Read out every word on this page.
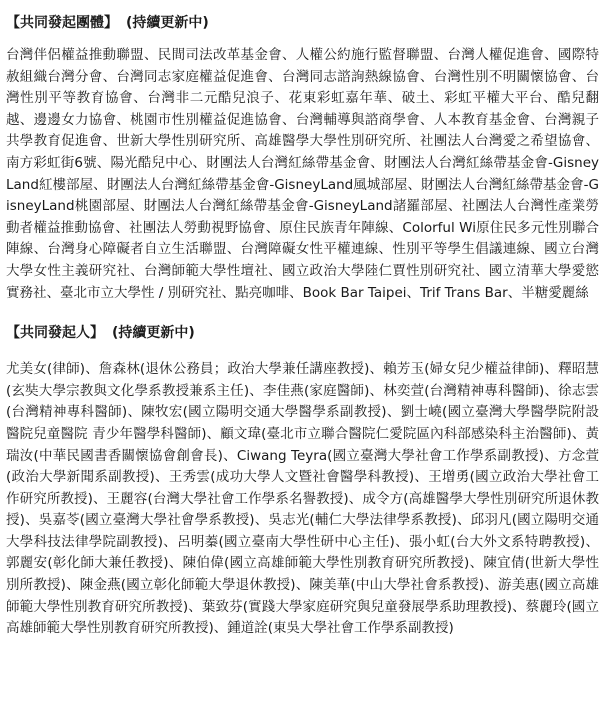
【共同發起團體】 (持續更新中)

台灣伴侶權益推動聯盟、民間司法改革基金會、人權公約施行監督聯盟、台灣人權促進會、國際特赦組織台灣分會、台灣同志家庭權益促進會、台灣同志諮詢熱線協會、台灣性別不明關懷協會、台灣性別平等教育協會、台灣非二元酷兒浪子、花東彩虹嘉年華、破土、彩虹平權大平台、酷兒翻越、邊邊女力協會、桃園市性別權益促進協會、台灣輔導與諮商學會、人本教育基金會、台灣親子共學教育促進會、世新大學性別研究所、高雄醫學大學性別研究所、社團法人台灣愛之希望協會、南方彩虹街6號、陽光酷兒中心、財團法人台灣紅絲帶基金會、財團法人台灣紅絲帶基金會-GisneyLand紅樓部屋、財團法人台灣紅絲帶基金會-GisneyLand風城部屋、財團法人台灣紅絲帶基金會-GisneyLand桃園部屋、財團法人台灣紅絲帶基金會-GisneyLand諸羅部屋、社團法人台灣性產業勞動者權益推動協會、社團法人勞動視野協會、原住民族青年陣線、Colorful Wi原住民多元性別聯合陣線、台灣身心障礙者自立生活聯盟、台灣障礙女性平權連線、性別平等學生倡議連線、國立台灣大學女性主義研究社、台灣師範大學性壇社、國立政治大學陸仁賈性別研究社、國立清華大學愛慾實務社、臺北市立大學性 / 別研究社、點亮咖啡、Book Bar Taipei、Trif Trans Bar、半糖愛麗絲

【共同發起人】 (持續更新中)

尤美女(律師)、詹森林(退休公務員；政治大學兼任講座教授)、賴芳玉(婦女兒少權益律師)、釋昭慧(玄奘大學宗教與文化學系教授兼系主任)、李佳燕(家庭醫師)、林奕萱(台灣精神專科醫師)、徐志雲(台灣精神專科醫師)、陳牧宏(國立陽明交通大學醫學系副教授)、劉士嶢(國立臺灣大學醫學院附設醫院兒童醫院 青少年醫學科醫師)、顧文瑋(臺北市立聯合醫院仁愛院區內科部感染科主治醫師)、黃瑞汝(中華民國書香關懷協會創會長)、Ciwang Teyra(國立臺灣大學社會工作學系副教授)、方念萱(政治大學新聞系副教授)、王秀雲(成功大學人文暨社會醫學科教授)、王增勇(國立政治大學社會工作研究所教授)、王麗容(台灣大學社會工作學系名譽教授)、成令方(高雄醫學大學性別研究所退休教授)、吳嘉苓(國立臺灣大學社會學系教授)、吳志光(輔仁大學法律學系教授)、邱羽凡(國立陽明交通大學科技法律學院副教授)、呂明蓁(國立臺南大學性研中心主任)、張小虹(台大外文系特聘教授)、郭麗安(彰化師大兼任教授)、陳伯偉(國立高雄師範大學性別教育研究所教授)、陳宜倩(世新大學性別所教授)、陳金燕(國立彰化師範大學退休教授)、陳美華(中山大學社會系教授)、游美惠(國立高雄師範大學性別教育研究所教授)、葉致芬(實踐大學家庭研究與兒童發展學系助理教授)、蔡麗玲(國立高雄師範大學性別教育研究所教授)、鍾道詮(東吳大學社會工作學系副教授)
